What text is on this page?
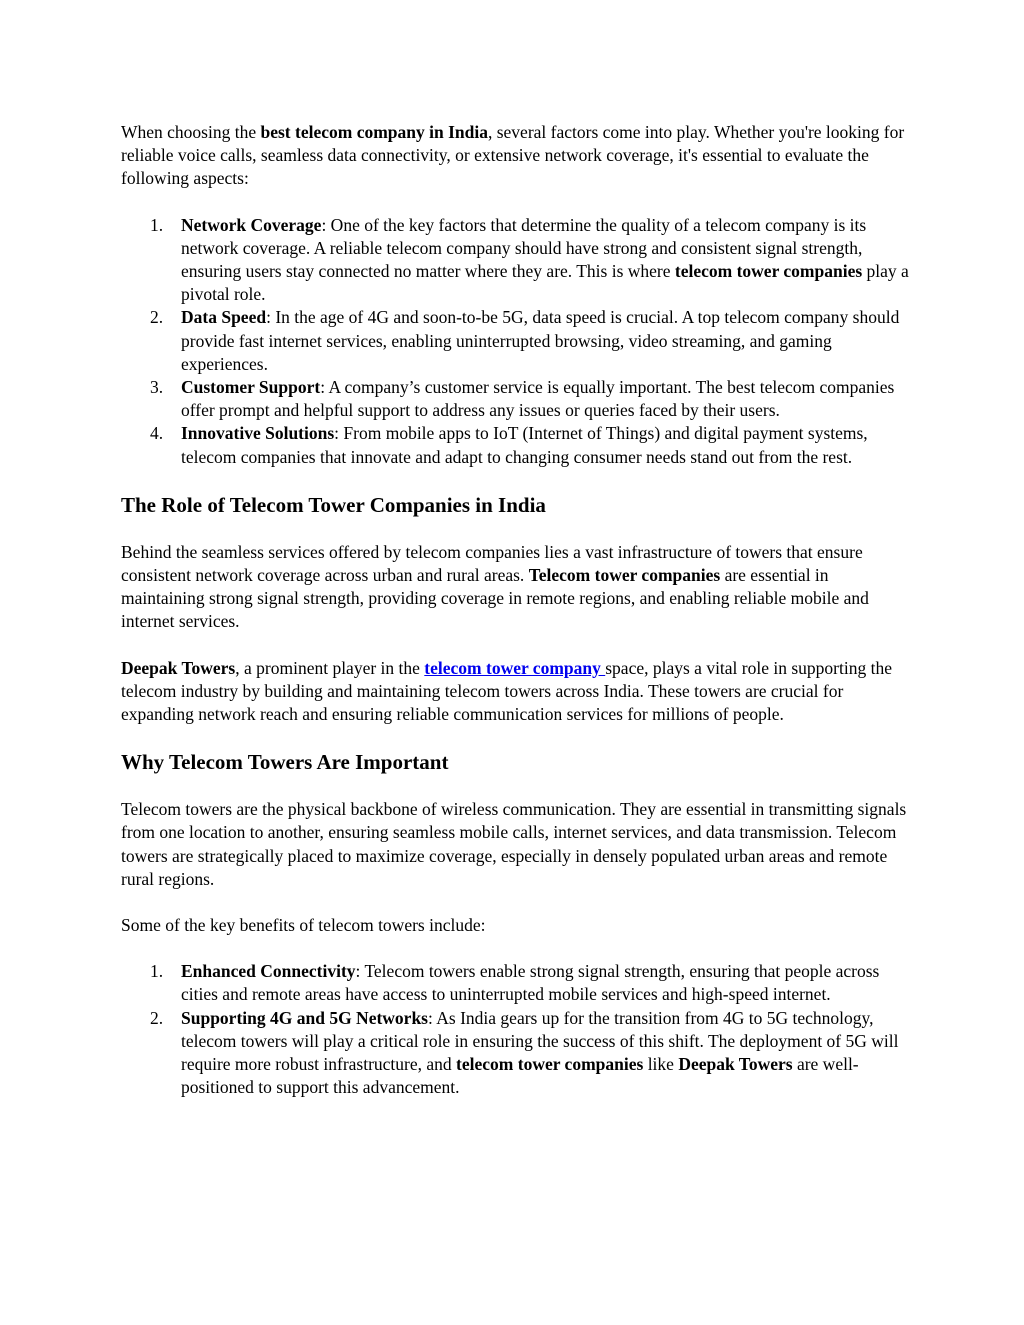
When choosing the best telecom company in India, several factors come into play. Whether you're looking for reliable voice calls, seamless data connectivity, or extensive network coverage, it's essential to evaluate the following aspects:

1. Network Coverage: One of the key factors that determine the quality of a telecom company is its network coverage. A reliable telecom company should have strong and consistent signal strength, ensuring users stay connected no matter where they are. This is where telecom tower companies play a pivotal role.
2. Data Speed: In the age of 4G and soon-to-be 5G, data speed is crucial. A top telecom company should provide fast internet services, enabling uninterrupted browsing, video streaming, and gaming experiences.
3. Customer Support: A company’s customer service is equally important. The best telecom companies offer prompt and helpful support to address any issues or queries faced by their users.
4. Innovative Solutions: From mobile apps to IoT (Internet of Things) and digital payment systems, telecom companies that innovate and adapt to changing consumer needs stand out from the rest.
The Role of Telecom Tower Companies in India

Behind the seamless services offered by telecom companies lies a vast infrastructure of towers that ensure consistent network coverage across urban and rural areas. Telecom tower companies are essential in maintaining strong signal strength, providing coverage in remote regions, and enabling reliable mobile and internet services.

Deepak Towers, a prominent player in the telecom tower company space, plays a vital role in supporting the telecom industry by building and maintaining telecom towers across India. These towers are crucial for expanding network reach and ensuring reliable communication services for millions of people.

Why Telecom Towers Are Important

Telecom towers are the physical backbone of wireless communication. They are essential in transmitting signals from one location to another, ensuring seamless mobile calls, internet services, and data transmission. Telecom towers are strategically placed to maximize coverage, especially in densely populated urban areas and remote rural regions.

Some of the key benefits of telecom towers include:

1. Enhanced Connectivity: Telecom towers enable strong signal strength, ensuring that people across cities and remote areas have access to uninterrupted mobile services and high-speed internet.
2. Supporting 4G and 5G Networks: As India gears up for the transition from 4G to 5G technology, telecom towers will play a critical role in ensuring the success of this shift. The deployment of 5G will require more robust infrastructure, and telecom tower companies like Deepak Towers are well-positioned to support this advancement.
